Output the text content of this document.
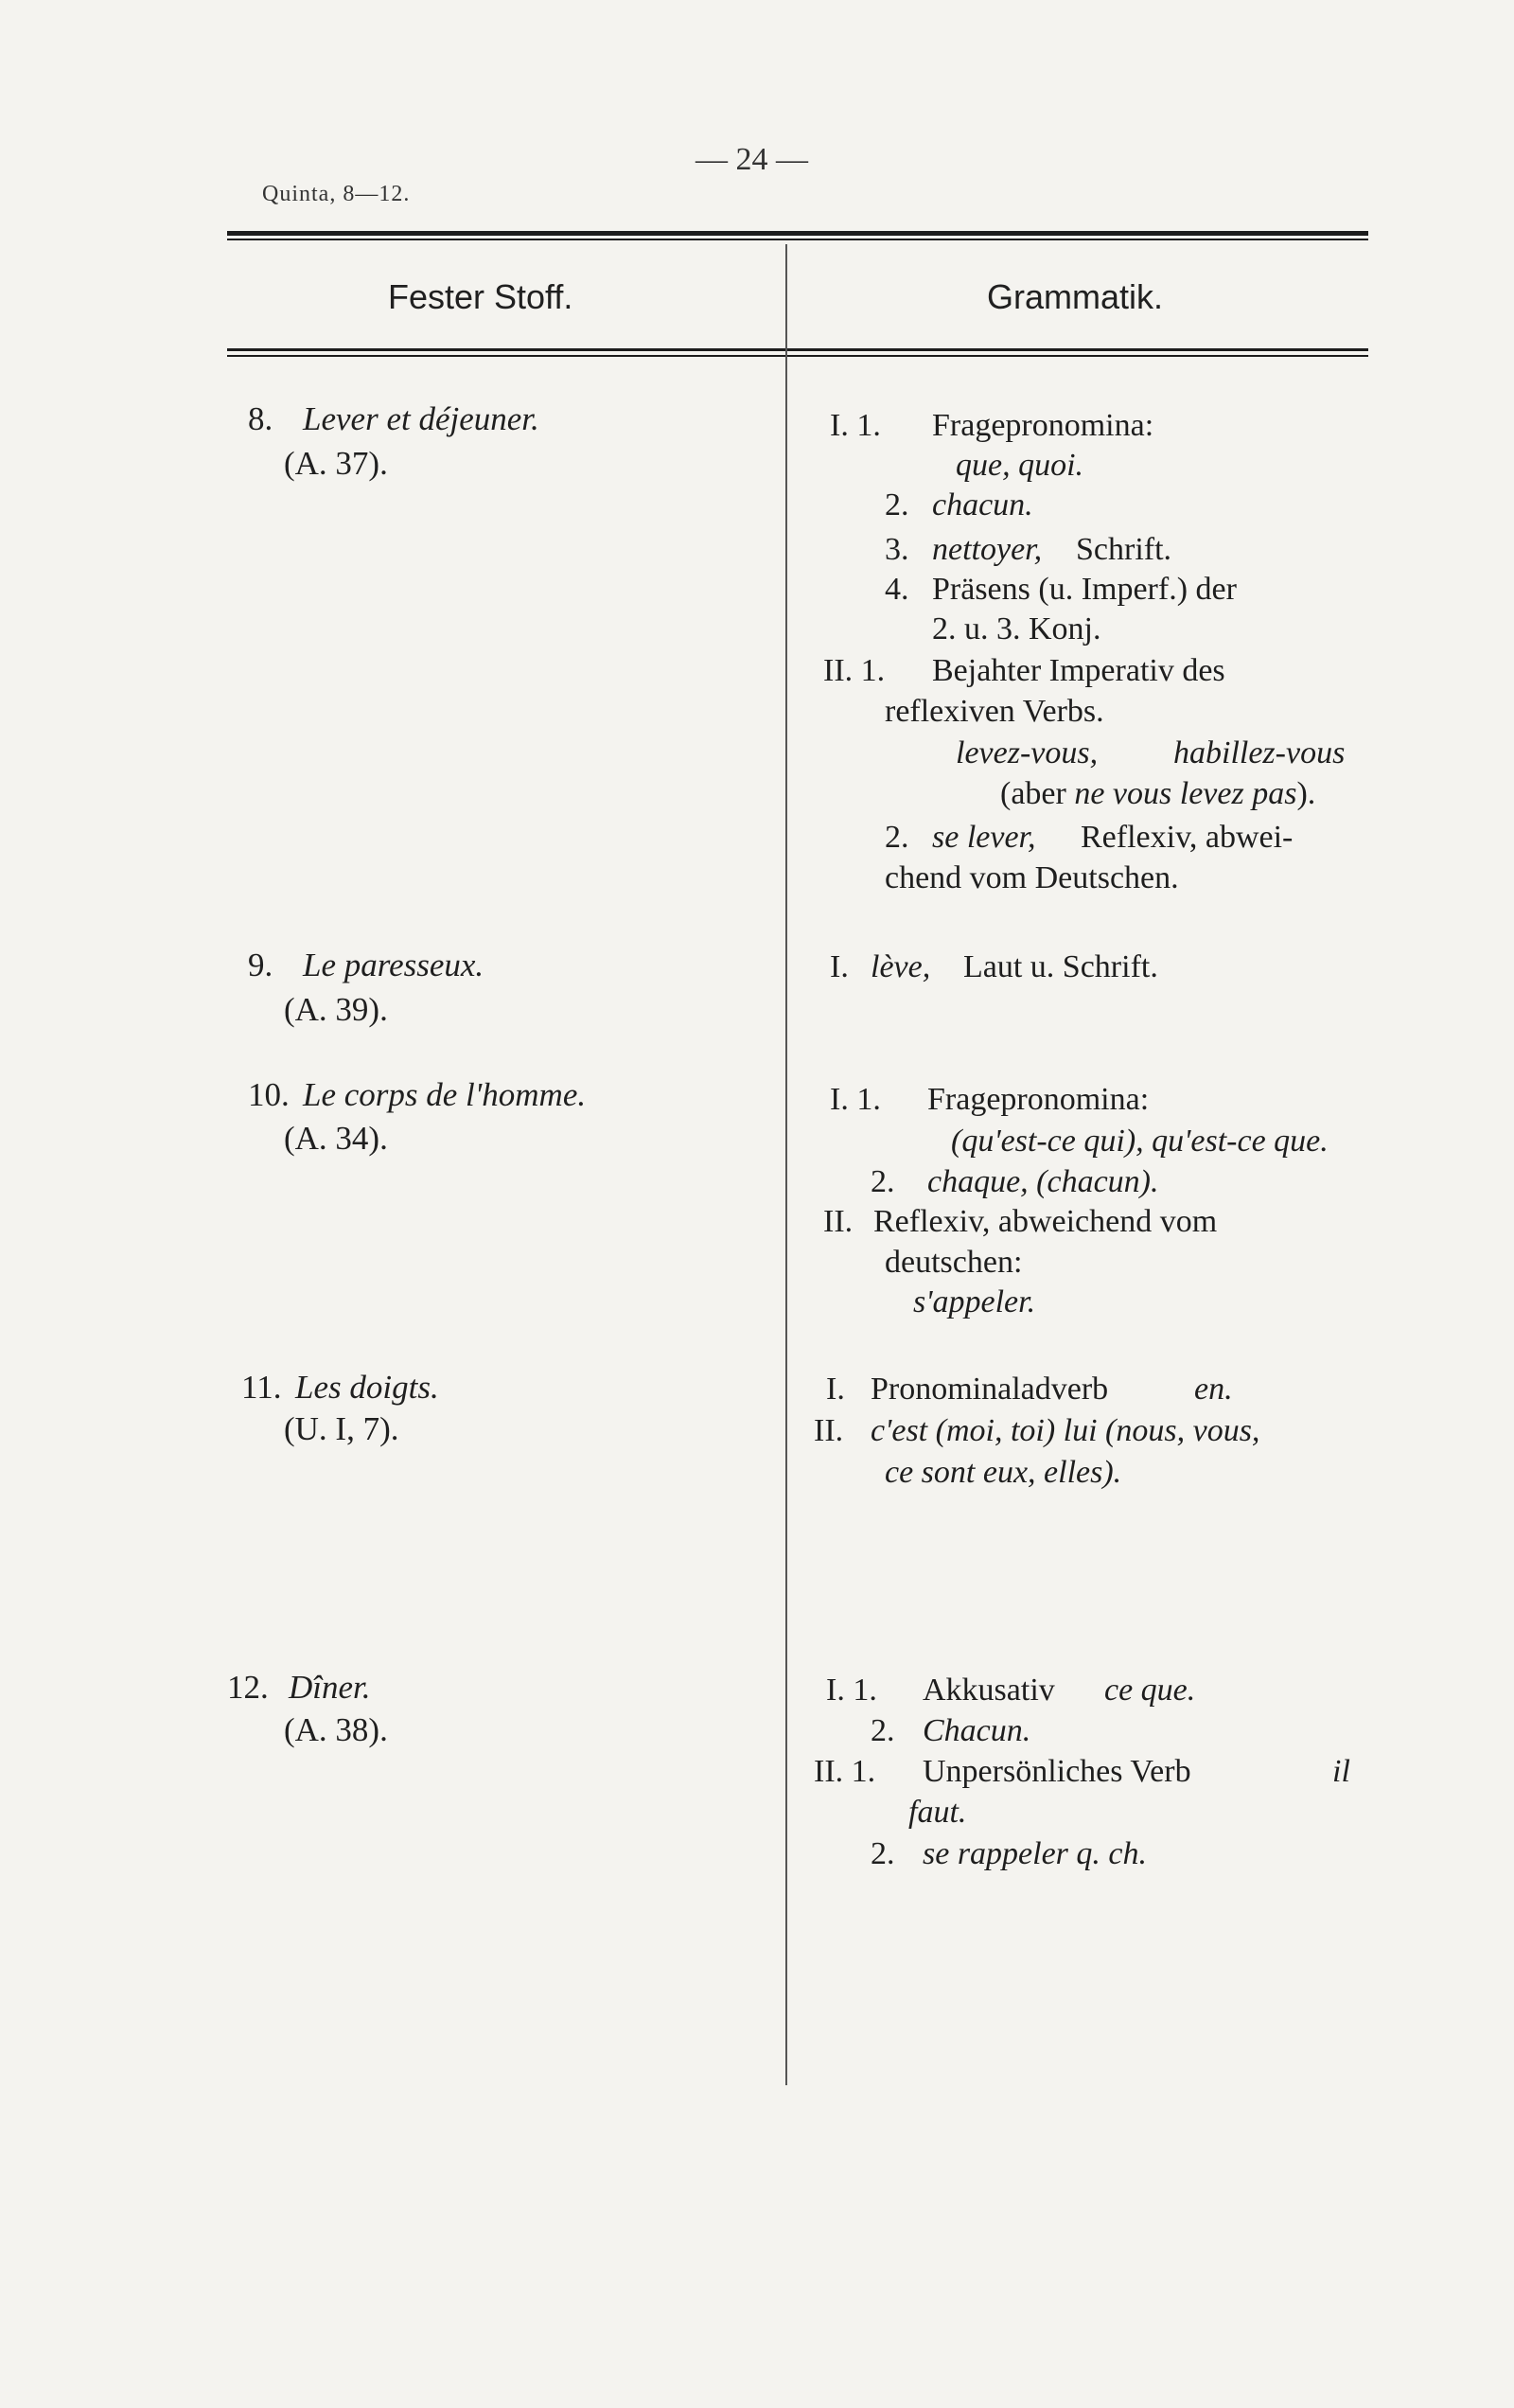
Quinta, 8—12.
— 24 —
Fester Stoff.	Grammatik.
8. Lever et déjeuner.
(A. 37).
I. 1. Fragepronomina:
que, quoi.
2. chacun.
3. nettoyer, Schrift.
4. Präsens (u. Imperf.) der
2. u. 3. Konj.
II. 1. Bejahter Imperativ des
reflexiven Verbs.
levez-vous, habillez-vous
(aber ne vous levez pas).
2. se lever, Reflexiv, abwei-
chend vom Deutschen.
9. Le paresseux.
(A. 39).
I. lève, Laut u. Schrift.
10. Le corps de l'homme.
(A. 34).
I. 1. Fragepronomina:
(qu'est-ce qui), qu'est-ce que.
2. chaque, (chacun).
II. Reflexiv, abweichend vom
deutschen:
s'appeler.
11. Les doigts.
(U. I, 7).
I. Pronominaladverb	en.
II. c'est (moi, toi) lui (nous, vous,
ce sont eux, elles).
12. Dîner.
(A. 38).
I. 1. Akkusativ ce que.
2. Chacun.
II. 1. Unpersönliches Verb	il
faut.
2. se rappeler q. ch.
